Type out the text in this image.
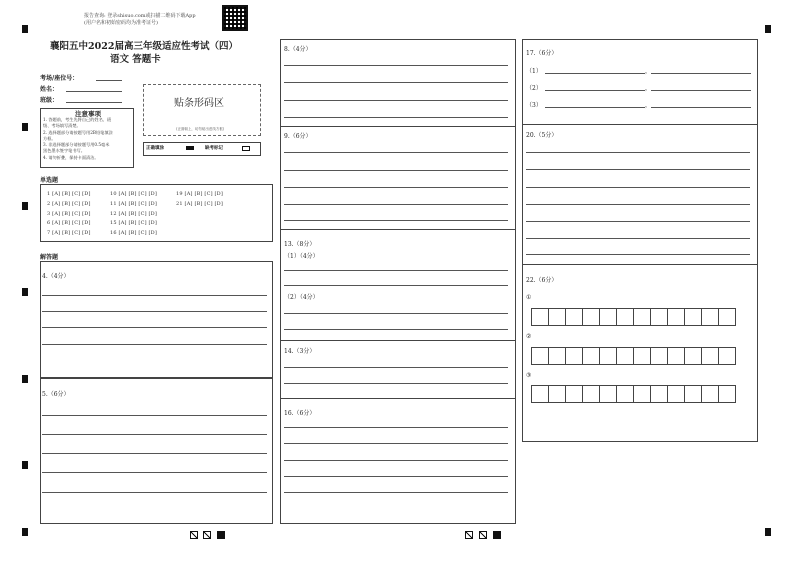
报告查询: 登录shisuo.com或扫描二维码下载App
(用户名和初始密码均为准考证号)
襄阳五中2022届高三年级适应性考试（四）
语文 答题卡
考场/座位号：
姓名：
班级：	贴条形码区
(正面朝上，切勿贴出虚线方框)
注意事项
1. 答题前，考生先将自己的姓名、班
级、考场填写清楚。
2. 选择题部分请按题号用2B铅笔填涂
方框。
3. 非选择题部分请按题号用0.5毫米
黑色墨水签字笔书写。
4. 请勿折叠，保持卡面清洁。
正确填涂	缺考标记
单选题
1 [A] [B] [C] [D]
2 [A] [B] [C] [D]
3 [A] [B] [C] [D]
6 [A] [B] [C] [D]
7 [A] [B] [C] [D]
10 [A] [B] [C] [D]
11 [A] [B] [C] [D]
12 [A] [B] [C] [D]
15 [A] [B] [C] [D]
16 [A] [B] [C] [D]
19 [A] [B] [C] [D]
21 [A] [B] [C] [D]
解答题
4.（4分）
5.（6分）
8.（4分）
9.（6分）
13.（8分）
（1）（4分）
（2）（4分）
14.（3分）
16.（6分）
17.（6分）
（1）	，
（2）	，
（3）	，
20.（5分）
22.（6分）
①
②
③
